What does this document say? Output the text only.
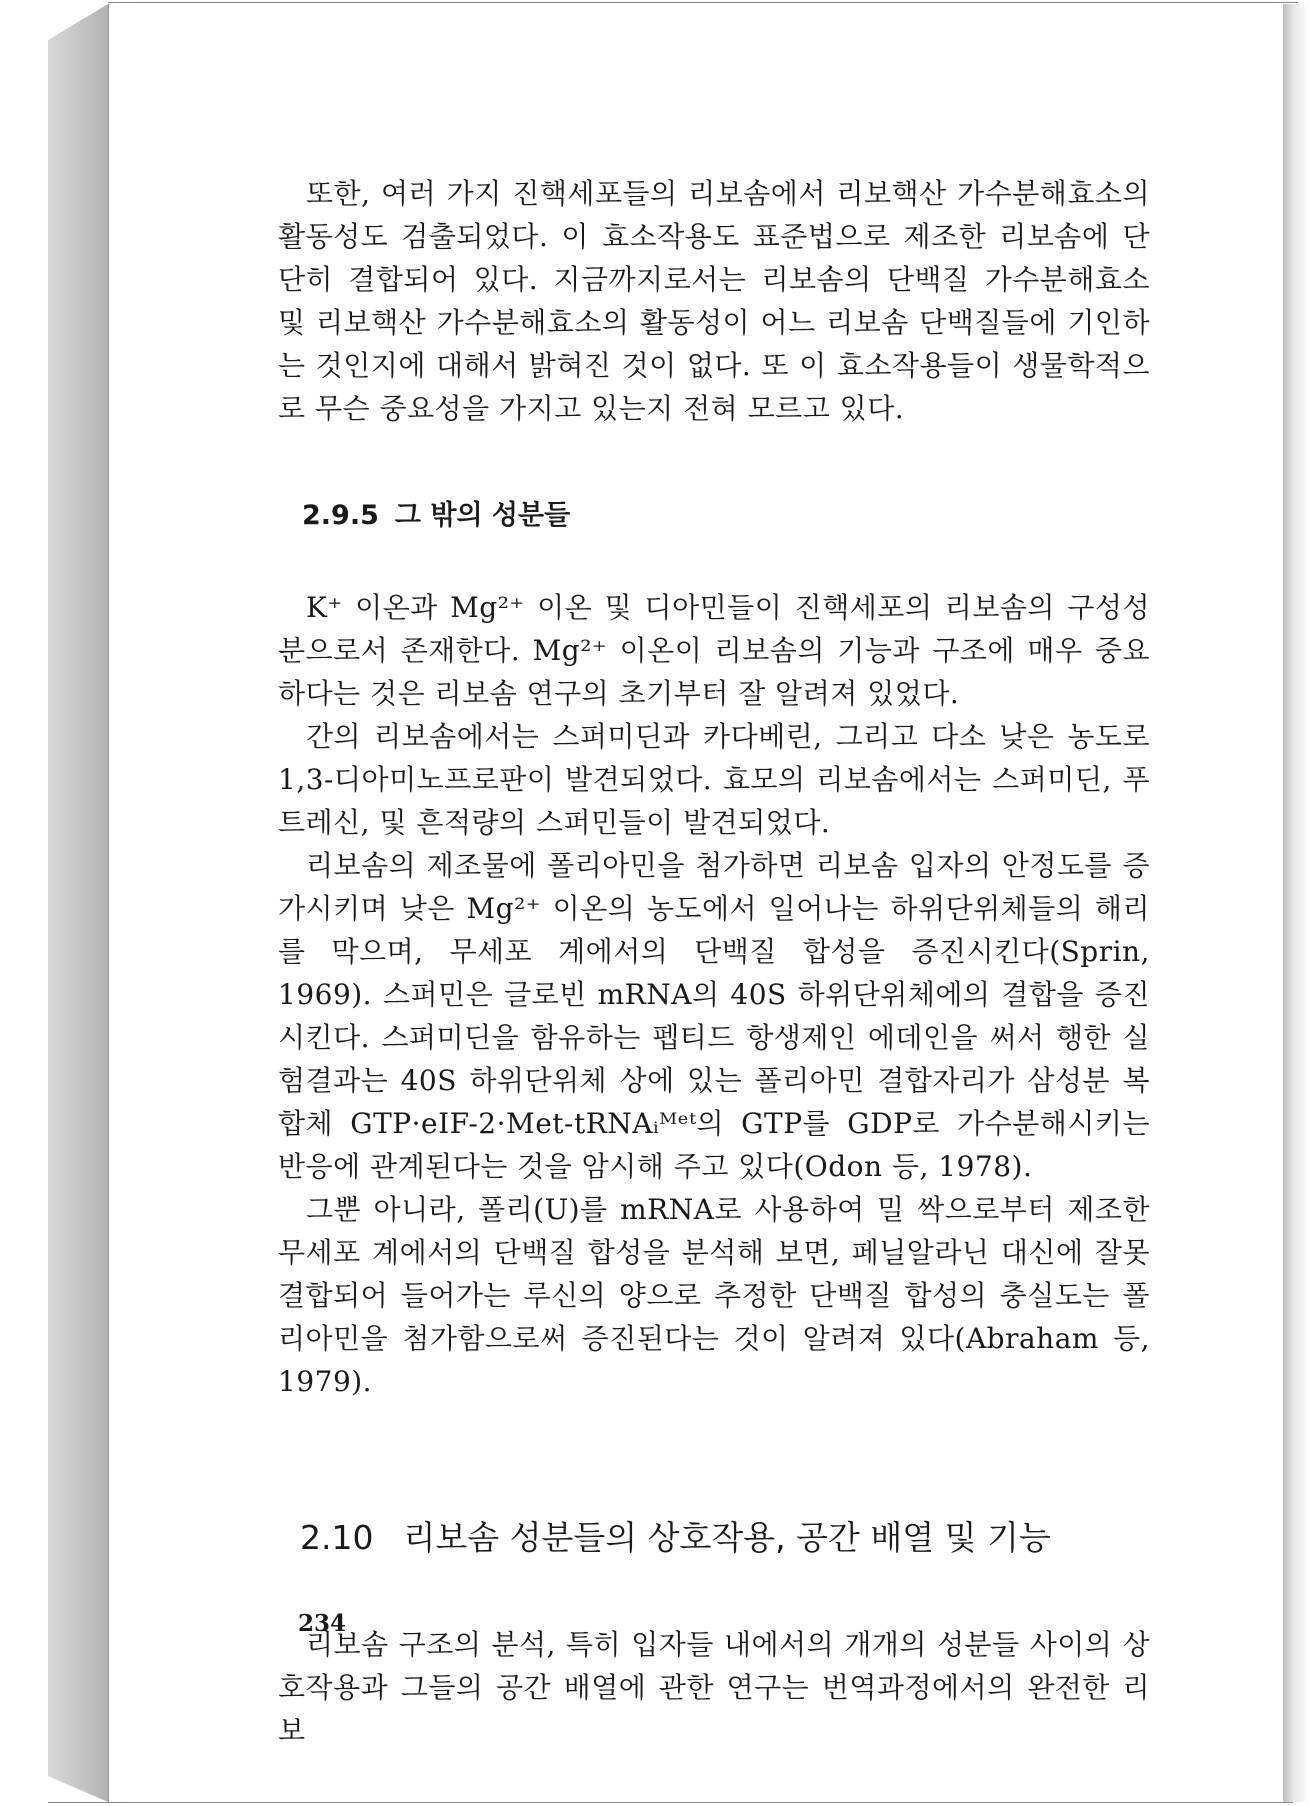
또한, 여러 가지 진핵세포들의 리보솜에서 리보핵산 가수분해효소의 활동성도 검출되었다. 이 효소작용도 표준법으로 제조한 리보솜에 단단히 결합되어 있다. 지금까지로서는 리보솜의 단백질 가수분해효소 및 리보핵산 가수분해효소의 활동성이 어느 리보솜 단백질들에 기인하는 것인지에 대해서 밝혀진 것이 없다. 또 이 효소작용들이 생물학적으로 무슨 중요성을 가지고 있는지 전혀 모르고 있다.

2.9.5 그 밖의 성분들

K⁺ 이온과 Mg²⁺ 이온 및 디아민들이 진핵세포의 리보솜의 구성성분으로서 존재한다. Mg²⁺ 이온이 리보솜의 기능과 구조에 매우 중요하다는 것은 리보솜 연구의 초기부터 잘 알려져 있었다.

간의 리보솜에서는 스퍼미딘과 카다베린, 그리고 다소 낮은 농도로 1,3-디아미노프로판이 발견되었다. 효모의 리보솜에서는 스퍼미딘, 푸트레신, 및 흔적량의 스퍼민들이 발견되었다.

리보솜의 제조물에 폴리아민을 첨가하면 리보솜 입자의 안정도를 증가시키며 낮은 Mg²⁺ 이온의 농도에서 일어나는 하위단위체들의 해리를 막으며, 무세포 계에서의 단백질 합성을 증진시킨다(Sprin, 1969). 스퍼민은 글로빈 mRNA의 40S 하위단위체에의 결합을 증진시킨다. 스퍼미딘을 함유하는 펩티드 항생제인 에데인을 써서 행한 실험결과는 40S 하위단위체 상에 있는 폴리아민 결합자리가 삼성분 복합체 GTP·eIF-2·Met-tRNAᵢᴹᵉᵗ의 GTP를 GDP로 가수분해시키는 반응에 관계된다는 것을 암시해 주고 있다(Odon 등, 1978).

그뿐 아니라, 폴리(U)를 mRNA로 사용하여 밀 싹으로부터 제조한 무세포 계에서의 단백질 합성을 분석해 보면, 페닐알라닌 대신에 잘못 결합되어 들어가는 루신의 양으로 추정한 단백질 합성의 충실도는 폴리아민을 첨가함으로써 증진된다는 것이 알려져 있다(Abraham 등, 1979).

2.10 리보솜 성분들의 상호작용, 공간 배열 및 기능

리보솜 구조의 분석, 특히 입자들 내에서의 개개의 성분들 사이의 상호작용과 그들의 공간 배열에 관한 연구는 번역과정에서의 완전한 리보

234
